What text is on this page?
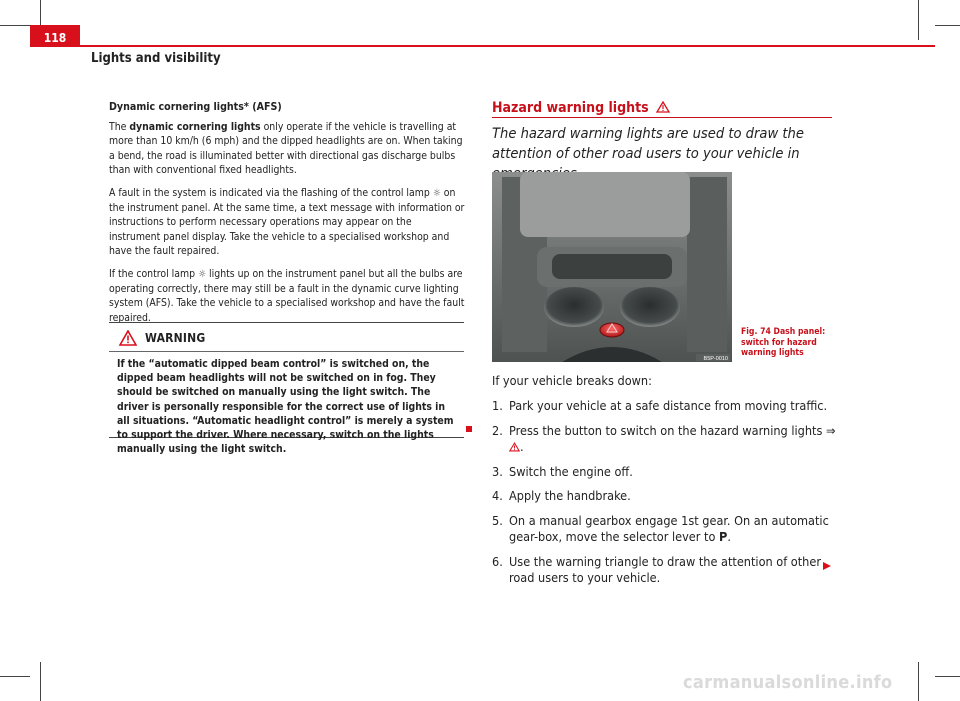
118
Lights and visibility
Dynamic cornering lights* (AFS)

The dynamic cornering lights only operate if the vehicle is travelling at more than 10 km/h (6 mph) and the dipped headlights are on. When taking a bend, the road is illuminated better with directional gas discharge bulbs than with conventional fixed headlights.

A fault in the system is indicated via the flashing of the control lamp ☼ on the instrument panel. At the same time, a text message with information or instructions to perform necessary operations may appear on the instrument panel display. Take the vehicle to a specialised workshop and have the fault repaired.

If the control lamp ☼ lights up on the instrument panel but all the bulbs are operating correctly, there may still be a fault in the dynamic curve lighting system (AFS). Take the vehicle to a specialised workshop and have the fault repaired.

WARNING
If the “automatic dipped beam control” is switched on, the dipped beam headlights will not be switched on in fog. They should be switched on manually using the light switch. The driver is personally responsible for the correct use of lights in all situations. “Automatic headlight control” is merely a system to support the driver. Where necessary, switch on the lights manually using the light switch.
Hazard warning lights
The hazard warning lights are used to draw the attention of other road users to your vehicle in
B5P-0010
Fig. 74 Dash panel: switch for hazard warning lights
If your vehicle breaks down:
1. Park your vehicle at a safe distance from moving traffic.
2. Press the button to switch on the hazard warning lights ⇒ .
3. Switch the engine off.
4. Apply the handbrake.
5. On a manual gearbox engage 1st gear. On an automatic gear-box, move the selector lever to P.
6. Use the warning triangle to draw the attention of other road users to your vehicle.
carmanualsonline.info
